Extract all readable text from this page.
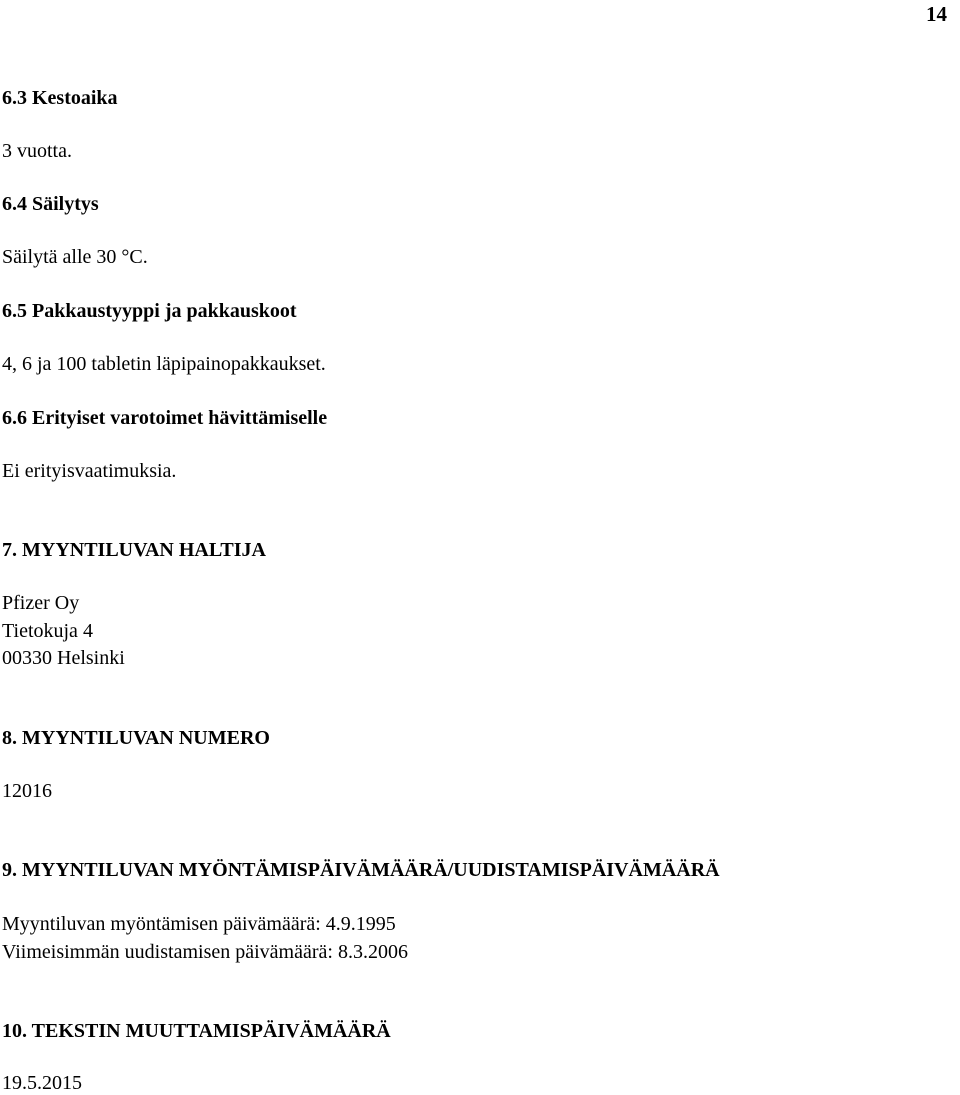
14
6.3 Kestoaika
3 vuotta.
6.4 Säilytys
Säilytä alle 30 °C.
6.5 Pakkaustyyppi ja pakkauskoot
4, 6 ja 100 tabletin läpipainopakkaukset.
6.6 Erityiset varotoimet hävittämiselle
Ei erityisvaatimuksia.
7. MYYNTILUVAN HALTIJA
Pfizer Oy
Tietokuja 4
00330 Helsinki
8. MYYNTILUVAN NUMERO
12016
9. MYYNTILUVAN MYÖNTÄMISPÄIVÄMÄÄRÄ/UUDISTAMISPÄIVÄMÄÄRÄ
Myyntiluvan myöntämisen päivämäärä: 4.9.1995
Viimeisimmän uudistamisen päivämäärä: 8.3.2006
10. TEKSTIN MUUTTAMISPÄIVÄMÄÄRÄ
19.5.2015
